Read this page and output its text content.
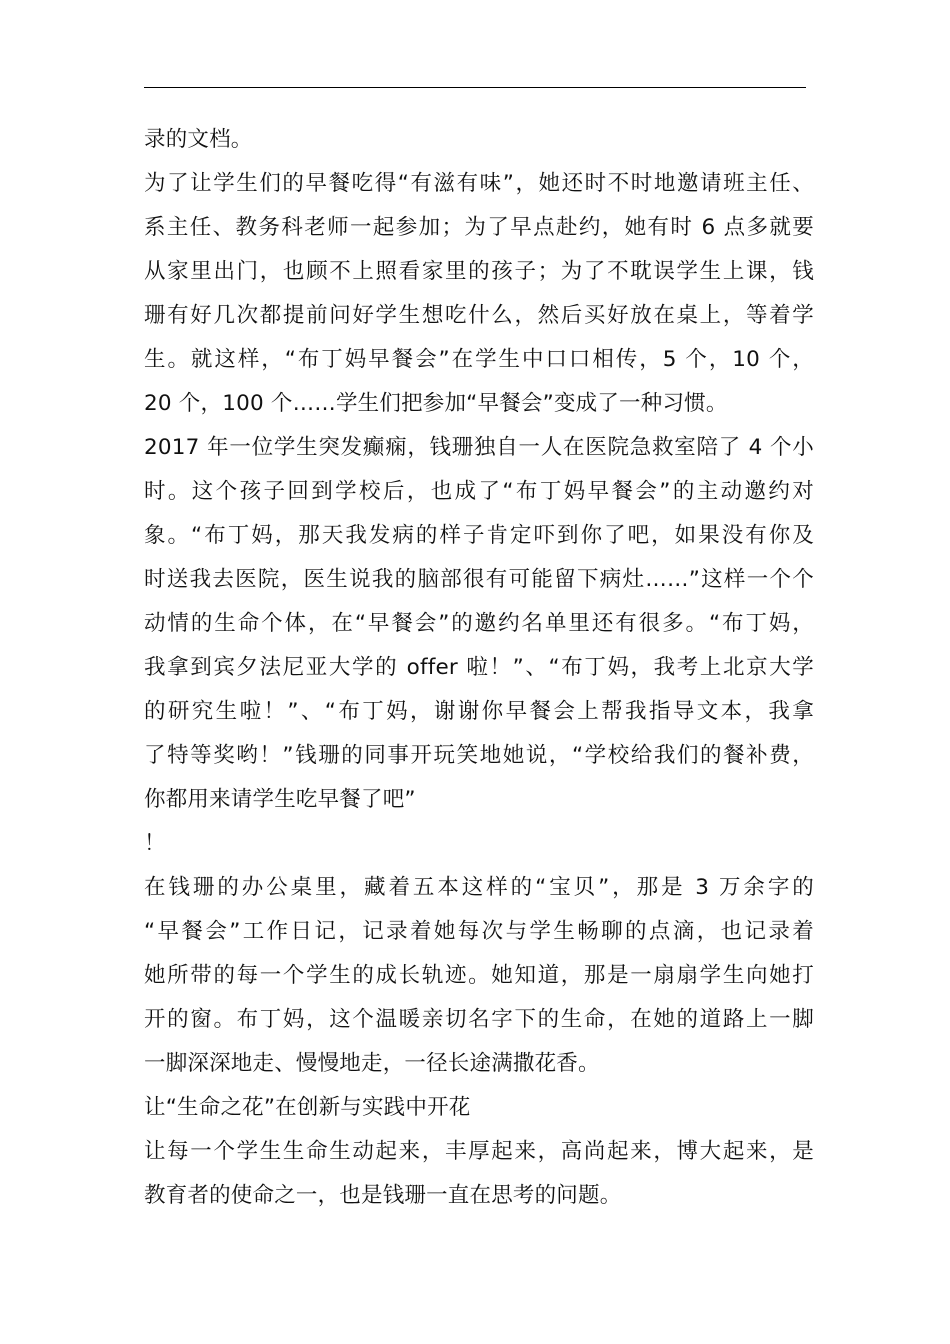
录的文档。
为了让学生们的早餐吃得“有滋有味”，她还时不时地邀请班主任、
系主任、教务科老师一起参加；为了早点赴约，她有时 6 点多就要
从家里出门，也顾不上照看家里的孩子；为了不耽误学生上课，钱
珊有好几次都提前问好学生想吃什么，然后买好放在桌上，等着学
生。就这样，“布丁妈早餐会”在学生中口口相传，5 个，10 个，
20 个，100 个……学生们把参加“早餐会”变成了一种习惯。
2017 年一位学生突发癫痫，钱珊独自一人在医院急救室陪了 4 个小
时。这个孩子回到学校后，也成了“布丁妈早餐会”的主动邀约对
象。“布丁妈，那天我发病的样子肯定吓到你了吧，如果没有你及
时送我去医院，医生说我的脑部很有可能留下病灶……”这样一个个
动情的生命个体，在“早餐会”的邀约名单里还有很多。“布丁妈，
我拿到宾夕法尼亚大学的 offer 啦！”、“布丁妈，我考上北京大学
的研究生啦！”、“布丁妈，谢谢你早餐会上帮我指导文本，我拿
了特等奖哟！”钱珊的同事开玩笑地她说，“学校给我们的餐补费，
你都用来请学生吃早餐了吧”
！
在钱珊的办公桌里，藏着五本这样的“宝贝”，那是 3 万余字的
“早餐会”工作日记，记录着她每次与学生畅聊的点滴，也记录着
她所带的每一个学生的成长轨迹。她知道，那是一扇扇学生向她打
开的窗。布丁妈，这个温暖亲切名字下的生命，在她的道路上一脚
一脚深深地走、慢慢地走，一径长途满撒花香。
让“生命之花”在创新与实践中开花
让每一个学生生命生动起来，丰厚起来，高尚起来，博大起来，是
教育者的使命之一，也是钱珊一直在思考的问题。
